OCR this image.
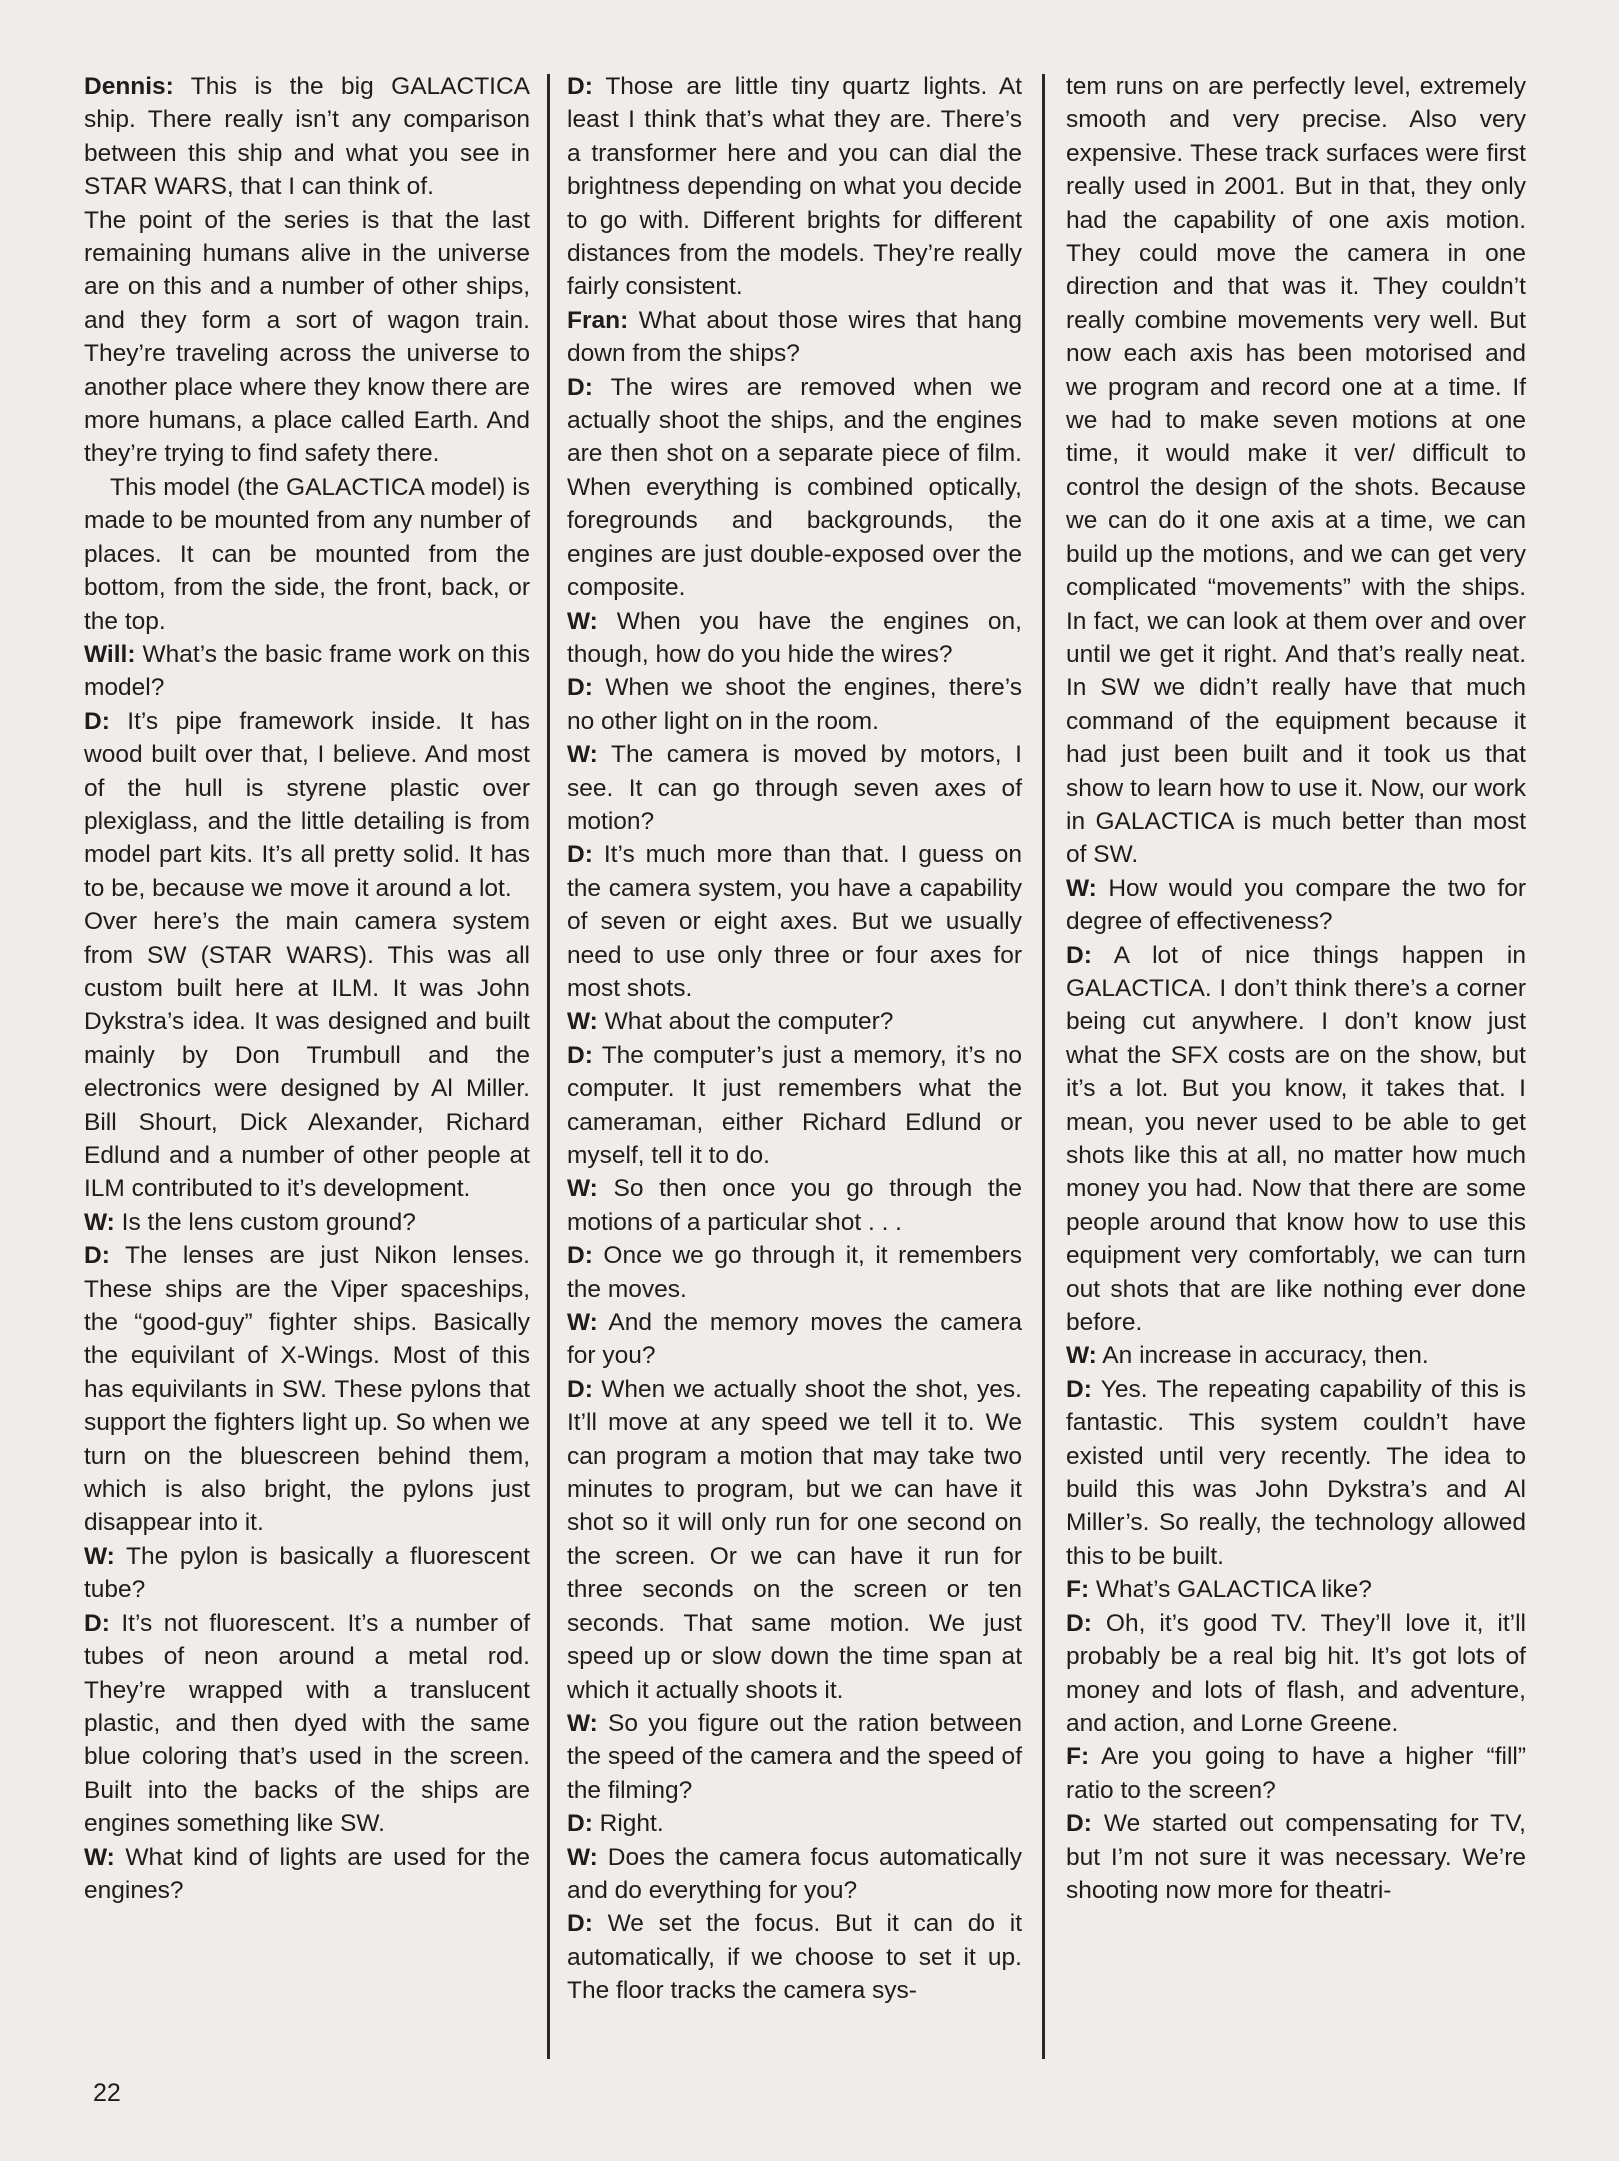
Dennis: This is the big GALACTICA ship. There really isn’t any comparison between this ship and what you see in STAR WARS, that I can think of.

The point of the series is that the last remaining humans alive in the universe are on this and a number of other ships, and they form a sort of wagon train. They’re traveling across the universe to another place where they know there are more humans, a place called Earth. And they’re trying to find safety there.

This model (the GALACTICA model) is made to be mounted from any number of places. It can be mounted from the bottom, from the side, the front, back, or the top.

Will: What’s the basic frame work on this model?

D: It’s pipe framework inside. It has wood built over that, I believe. And most of the hull is styrene plastic over plexiglass, and the little detailing is from model part kits. It’s all pretty solid. It has to be, because we move it around a lot.

Over here’s the main camera system from SW (STAR WARS). This was all custom built here at ILM. It was John Dykstra’s idea. It was designed and built mainly by Don Trumbull and the electronics were designed by Al Miller. Bill Shourt, Dick Alexander, Richard Edlund and a number of other people at ILM contributed to it’s development.

W: Is the lens custom ground?

D: The lenses are just Nikon lenses. These ships are the Viper spaceships, the “good-guy” fighter ships. Basically the equivilant of X-Wings. Most of this has equivilants in SW. These pylons that support the fighters light up. So when we turn on the bluescreen behind them, which is also bright, the pylons just disappear into it.

W: The pylon is basically a fluorescent tube?

D: It’s not fluorescent. It’s a number of tubes of neon around a metal rod. They’re wrapped with a translucent plastic, and then dyed with the same blue coloring that’s used in the screen. Built into the backs of the ships are engines something like SW.

W: What kind of lights are used for the engines?

D: Those are little tiny quartz lights. At least I think that’s what they are. There’s a transformer here and you can dial the brightness depending on what you decide to go with. Different brights for different distances from the models. They’re really fairly consistent.

Fran: What about those wires that hang down from the ships?

D: The wires are removed when we actually shoot the ships, and the engines are then shot on a separate piece of film. When everything is combined optically, foregrounds and backgrounds, the engines are just double-exposed over the composite.

W: When you have the engines on, though, how do you hide the wires?

D: When we shoot the engines, there’s no other light on in the room.

W: The camera is moved by motors, I see. It can go through seven axes of motion?

D: It’s much more than that. I guess on the camera system, you have a capability of seven or eight axes. But we usually need to use only three or four axes for most shots.

W: What about the computer?

D: The computer’s just a memory, it’s no computer. It just remembers what the cameraman, either Richard Edlund or myself, tell it to do.

W: So then once you go through the motions of a particular shot . . .

D: Once we go through it, it remembers the moves.

W: And the memory moves the camera for you?

D: When we actually shoot the shot, yes. It’ll move at any speed we tell it to. We can program a motion that may take two minutes to program, but we can have it shot so it will only run for one second on the screen. Or we can have it run for three seconds on the screen or ten seconds. That same motion. We just speed up or slow down the time span at which it actually shoots it.

W: So you figure out the ration between the speed of the camera and the speed of the filming?

D: Right.

W: Does the camera focus automatically and do everything for you?

D: We set the focus. But it can do it automatically, if we choose to set it up. The floor tracks the camera sys-

tem runs on are perfectly level, extremely smooth and very precise. Also very expensive. These track surfaces were first really used in 2001. But in that, they only had the capability of one axis motion. They could move the camera in one direction and that was it. They couldn’t really combine movements very well. But now each axis has been motorised and we program and record one at a time. If we had to make seven motions at one time, it would make it ver/ difficult to control the design of the shots. Because we can do it one axis at a time, we can build up the motions, and we can get very complicated “movements” with the ships. In fact, we can look at them over and over until we get it right. And that’s really neat. In SW we didn’t really have that much command of the equipment because it had just been built and it took us that show to learn how to use it. Now, our work in GALACTICA is much better than most of SW.

W: How would you compare the two for degree of effectiveness?

D: A lot of nice things happen in GALACTICA. I don’t think there’s a corner being cut anywhere. I don’t know just what the SFX costs are on the show, but it’s a lot. But you know, it takes that. I mean, you never used to be able to get shots like this at all, no matter how much money you had. Now that there are some people around that know how to use this equipment very comfortably, we can turn out shots that are like nothing ever done before.

W: An increase in accuracy, then.

D: Yes. The repeating capability of this is fantastic. This system couldn’t have existed until very recently. The idea to build this was John Dykstra’s and Al Miller’s. So really, the technology allowed this to be built.

F: What’s GALACTICA like?

D: Oh, it’s good TV. They’ll love it, it’ll probably be a real big hit. It’s got lots of money and lots of flash, and adventure, and action, and Lorne Greene.

F: Are you going to have a higher “fill” ratio to the screen?

D: We started out compensating for TV, but I’m not sure it was necessary. We’re shooting now more for theatri-

22
